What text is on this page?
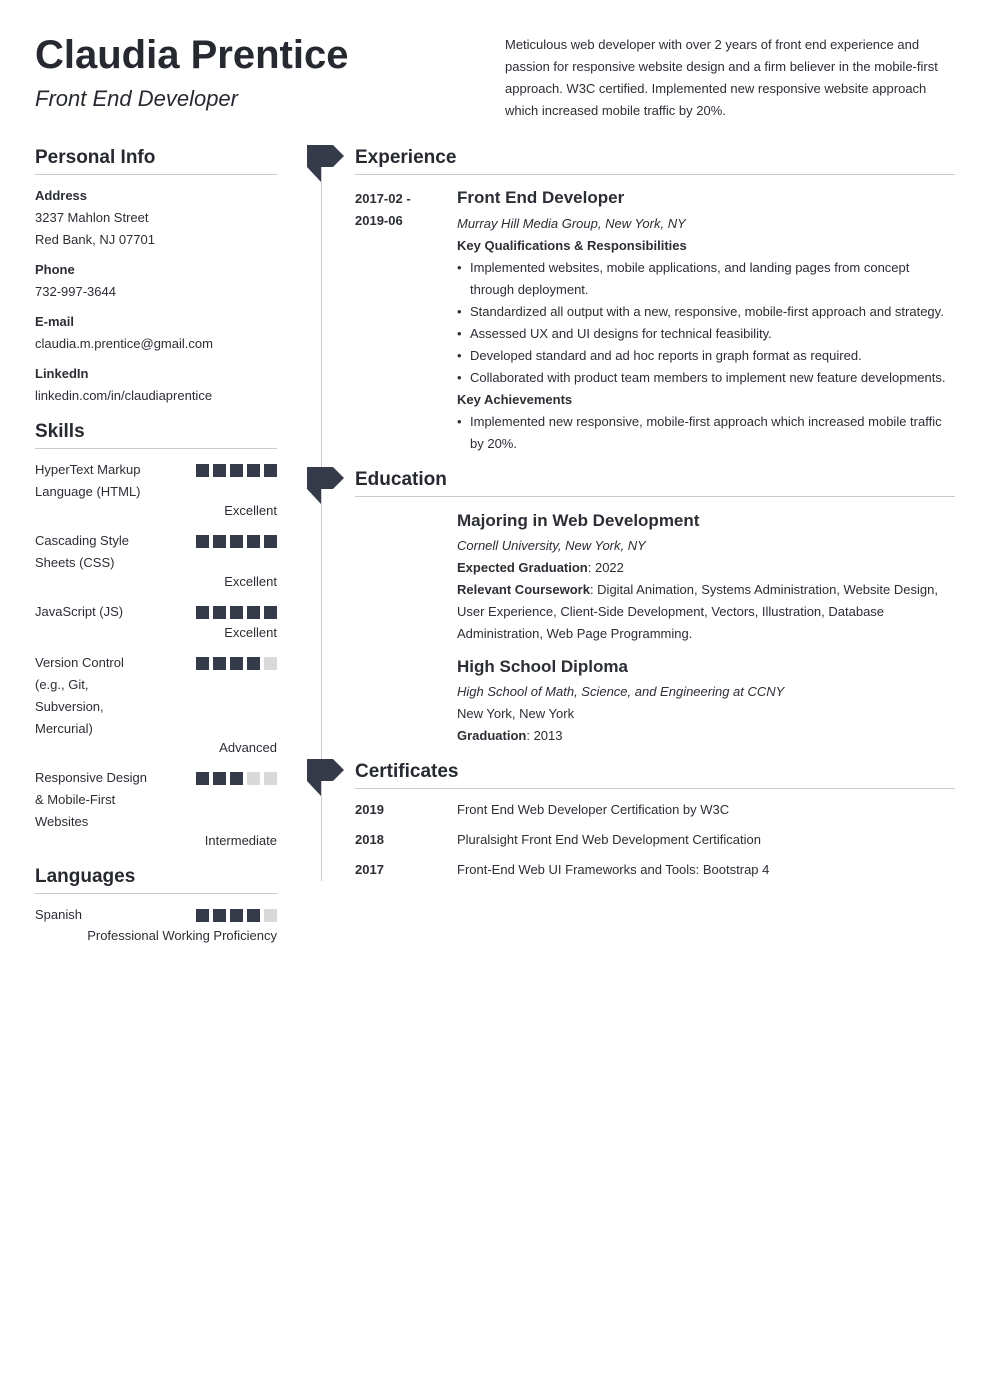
Claudia Prentice
Front End Developer
Meticulous web developer with over 2 years of front end experience and passion for responsive website design and a firm believer in the mobile-first approach. W3C certified. Implemented new responsive website approach which increased mobile traffic by 20%.
Personal Info
Address
3237 Mahlon Street
Red Bank, NJ 07701
Phone
732-997-3644
E-mail
claudia.m.prentice@gmail.com
LinkedIn
linkedin.com/in/claudiaprentice
Skills
HyperText Markup Language (HTML)
Excellent
Cascading Style Sheets (CSS)
Excellent
JavaScript (JS)
Excellent
Version Control (e.g., Git, Subversion, Mercurial)
Advanced
Responsive Design & Mobile-First Websites
Intermediate
Languages
Spanish
Professional Working Proficiency
Experience
2017-02 -
2019-06
Front End Developer
Murray Hill Media Group, New York, NY
Key Qualifications & Responsibilities
• Implemented websites, mobile applications, and landing pages from concept through deployment.
• Standardized all output with a new, responsive, mobile-first approach and strategy.
• Assessed UX and UI designs for technical feasibility.
• Developed standard and ad hoc reports in graph format as required.
• Collaborated with product team members to implement new feature developments.
Key Achievements
• Implemented new responsive, mobile-first approach which increased mobile traffic by 20%.
Education
Majoring in Web Development
Cornell University, New York, NY
Expected Graduation: 2022
Relevant Coursework: Digital Animation, Systems Administration, Website Design, User Experience, Client-Side Development, Vectors, Illustration, Database Administration, Web Page Programming.
High School Diploma
High School of Math, Science, and Engineering at CCNY
New York, New York
Graduation: 2013
Certificates
2019	Front End Web Developer Certification by W3C
2018	Pluralsight Front End Web Development Certification
2017	Front-End Web UI Frameworks and Tools: Bootstrap 4
